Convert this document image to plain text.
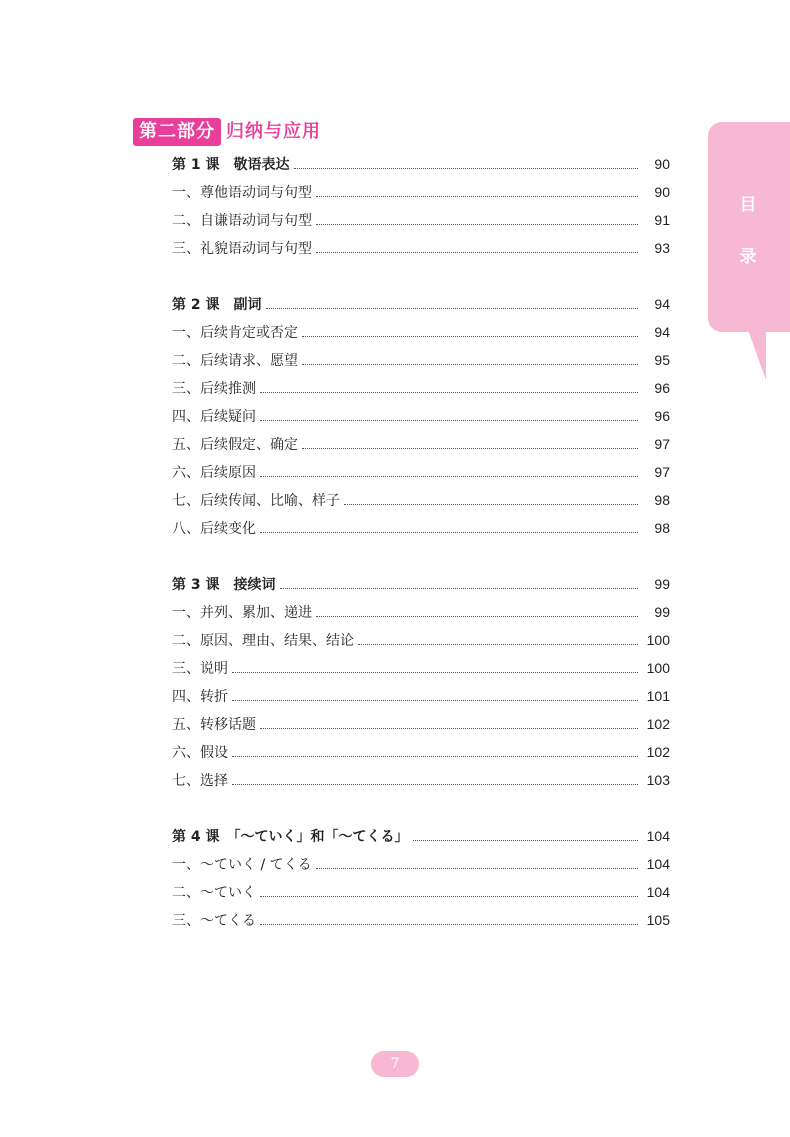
第二部分 归纳与应用
第 1 课　敬语表达	90
一、尊他语动词与句型	90
二、自谦语动词与句型	91
三、礼貌语动词与句型	93
第 2 课　副词	94
一、后续肯定或否定	94
二、后续请求、愿望	95
三、后续推测	96
四、后续疑问	96
五、后续假定、确定	97
六、后续原因	97
七、后续传闻、比喻、样子	98
八、后续变化	98
第 3 课　接续词	99
一、并列、累加、递进	99
二、原因、理由、结果、结论	100
三、说明	100
四、转折	101
五、转移话题	102
六、假设	102
七、选择	103
第 4 课　「～ていく」和「～てくる」	104
一、～ていく / てくる	104
二、～ていく	104
三、～てくる	105
目
录
7
